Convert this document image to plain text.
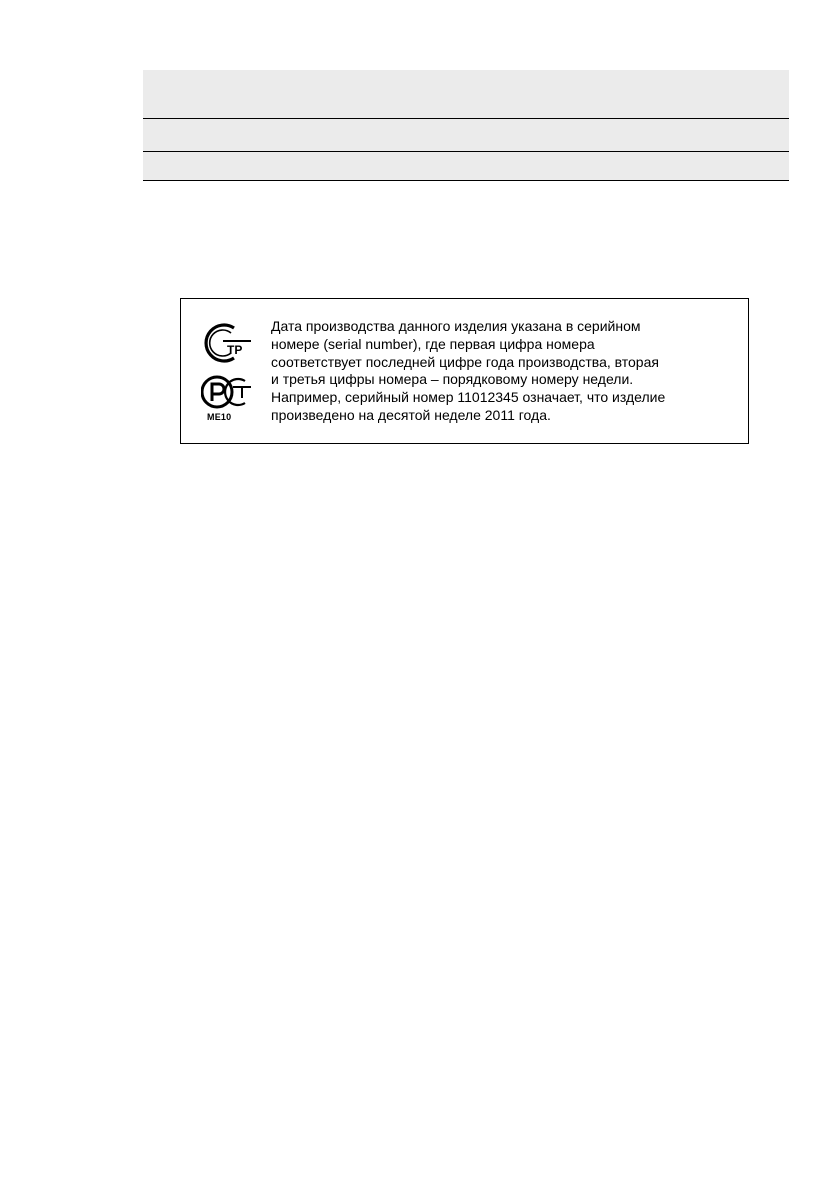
ТР
ME10

Дата производства данного изделия указана в серийном
номере (serial number), где первая цифра номера
соответствует последней цифре года производства, вторая
и третья цифры номера – порядковому номеру недели.
Например, серийный номер 11012345 означает, что изделие
произведено на десятой неделе 2011 года.
